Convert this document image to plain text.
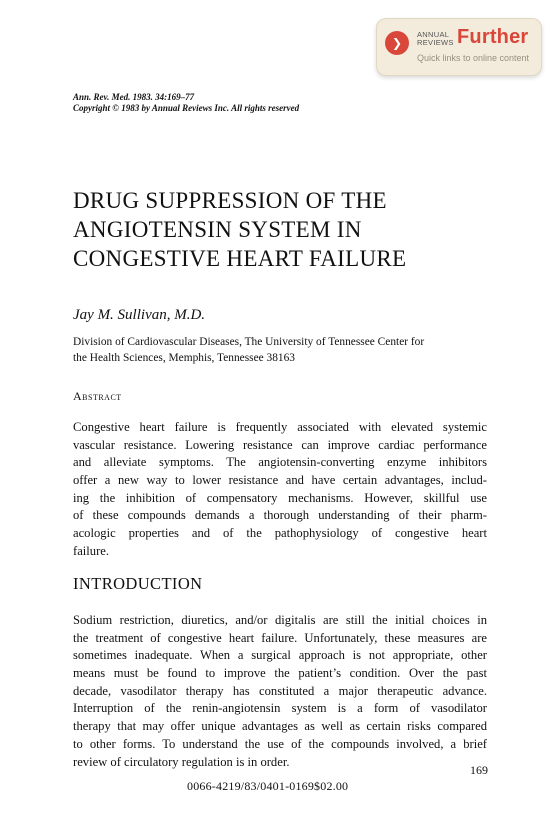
❯
ANNUAL
REVIEWS Further
Quick links to online content
Ann. Rev. Med. 1983. 34:169–77
Copyright © 1983 by Annual Reviews Inc. All rights reserved
DRUG SUPPRESSION OF THE
ANGIOTENSIN SYSTEM IN
CONGESTIVE HEART FAILURE
Jay M. Sullivan, M.D.
Division of Cardiovascular Diseases, The University of Tennessee Center for
the Health Sciences, Memphis, Tennessee 38163
Abstract
Congestive heart failure is frequently associated with elevated systemic
vascular resistance. Lowering resistance can improve cardiac performance
and alleviate symptoms. The angiotensin-converting enzyme inhibitors
offer a new way to lower resistance and have certain advantages, includ-
ing the inhibition of compensatory mechanisms. However, skillful use
of these compounds demands a thorough understanding of their pharm-
acologic properties and of the pathophysiology of congestive heart
failure.
INTRODUCTION
Sodium restriction, diuretics, and/or digitalis are still the initial choices in
the treatment of congestive heart failure. Unfortunately, these measures are
sometimes inadequate. When a surgical approach is not appropriate, other
means must be found to improve the patient’s condition. Over the past
decade, vasodilator therapy has constituted a major therapeutic advance.
Interruption of the renin-angiotensin system is a form of vasodilator
therapy that may offer unique advantages as well as certain risks compared
to other forms. To understand the use of the compounds involved, a brief
review of circulatory regulation is in order.
169
0066-4219/83/0401-0169$02.00
